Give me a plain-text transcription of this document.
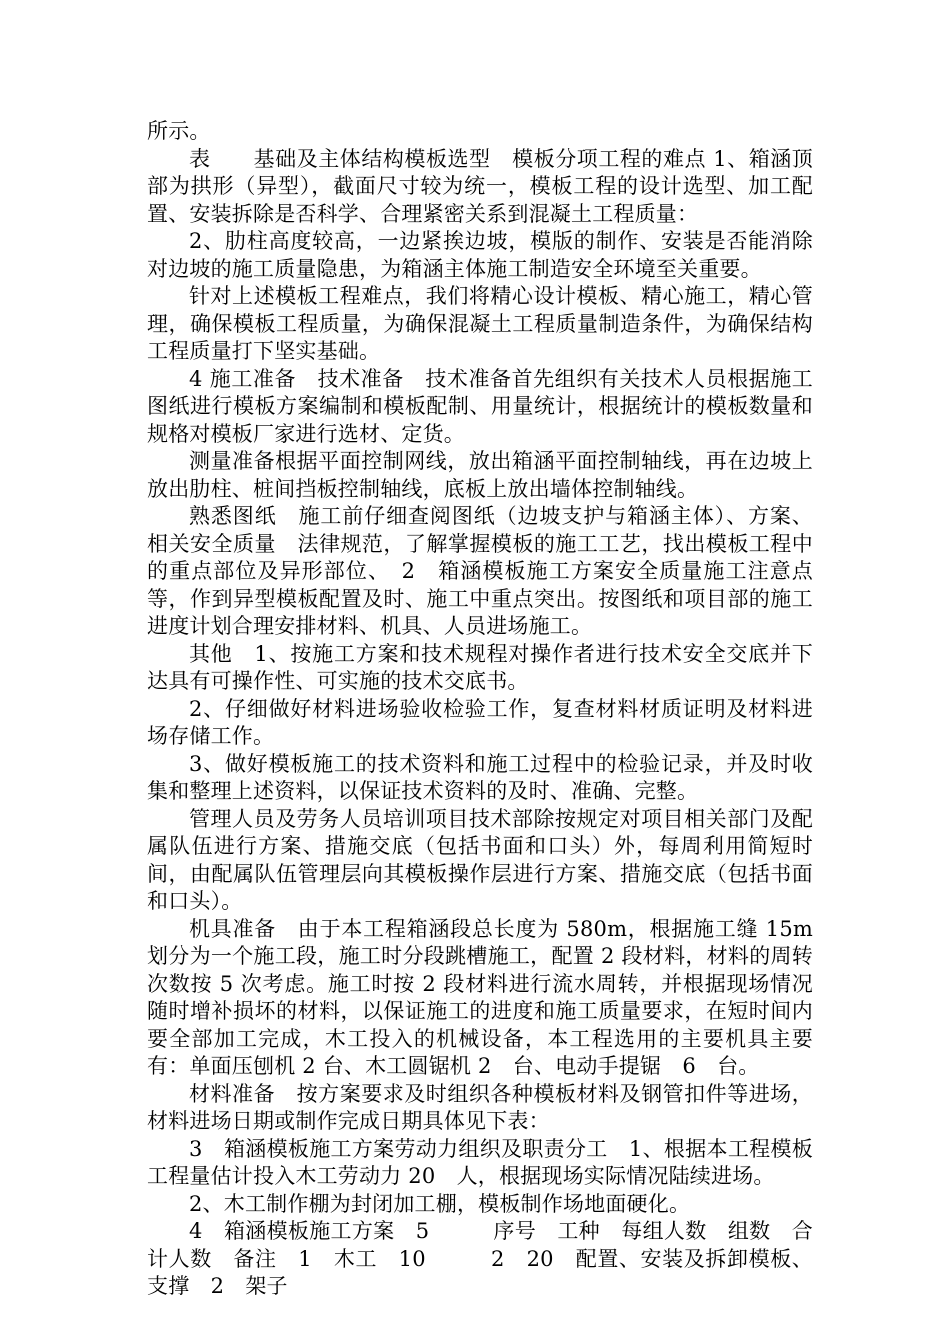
所示。

表　　基础及主体结构模板选型　模板分项工程的难点 1、箱涵顶部为拱形（异型），截面尺寸较为统一，模板工程的设计选型、加工配置、安装拆除是否科学、合理紧密关系到混凝土工程质量：

2、肋柱高度较高，一边紧挨边坡，模版的制作、安装是否能消除对边坡的施工质量隐患，为箱涵主体施工制造安全环境至关重要。

针对上述模板工程难点，我们将精心设计模板、精心施工，精心管理，确保模板工程质量，为确保混凝土工程质量制造条件，为确保结构工程质量打下坚实基础。

4 施工准备　技术准备　技术准备首先组织有关技术人员根据施工图纸进行模板方案编制和模板配制、用量统计，根据统计的模板数量和规格对模板厂家进行选材、定货。

测量准备根据平面控制网线，放出箱涵平面控制轴线，再在边坡上放出肋柱、桩间挡板控制轴线，底板上放出墙体控制轴线。

熟悉图纸　施工前仔细查阅图纸（边坡支护与箱涵主体）、方案、相关安全质量　法律规范，了解掌握模板的施工工艺，找出模板工程中的重点部位及异形部位、　2　箱涵模板施工方案安全质量施工注意点等，作到异型模板配置及时、施工中重点突出。按图纸和项目部的施工进度计划合理安排材料、机具、人员进场施工。

其他　1、按施工方案和技术规程对操作者进行技术安全交底并下达具有可操作性、可实施的技术交底书。

2、仔细做好材料进场验收检验工作，复查材料材质证明及材料进场存储工作。

3、做好模板施工的技术资料和施工过程中的检验记录，并及时收集和整理上述资料，以保证技术资料的及时、准确、完整。

管理人员及劳务人员培训项目技术部除按规定对项目相关部门及配属队伍进行方案、措施交底（包括书面和口头）外，每周利用简短时间，由配属队伍管理层向其模板操作层进行方案、措施交底（包括书面和口头）。

机具准备　由于本工程箱涵段总长度为 580m，根据施工缝 15m 划分为一个施工段，施工时分段跳槽施工，配置 2 段材料，材料的周转次数按 5 次考虑。施工时按 2 段材料进行流水周转，并根据现场情况随时增补损坏的材料，以保证施工的进度和施工质量要求，在短时间内要全部加工完成，木工投入的机械设备，本工程选用的主要机具主要有：单面压刨机 2 台、木工圆锯机 2　台、电动手提锯　6　台。

材料准备　按方案要求及时组织各种模板材料及钢管扣件等进场，材料进场日期或制作完成日期具体见下表：

3　箱涵模板施工方案劳动力组织及职责分工　1、根据本工程模板工程量估计投入木工劳动力 20　人，根据现场实际情况陆续进场。

2、木工制作棚为封闭加工棚，模板制作场地面硬化。

4　箱涵模板施工方案　5　　　序号　工种　每组人数　组数　合计人数　备注　1　木工　10　　　2　20　配置、安装及拆卸模板、支撑　2　架子
